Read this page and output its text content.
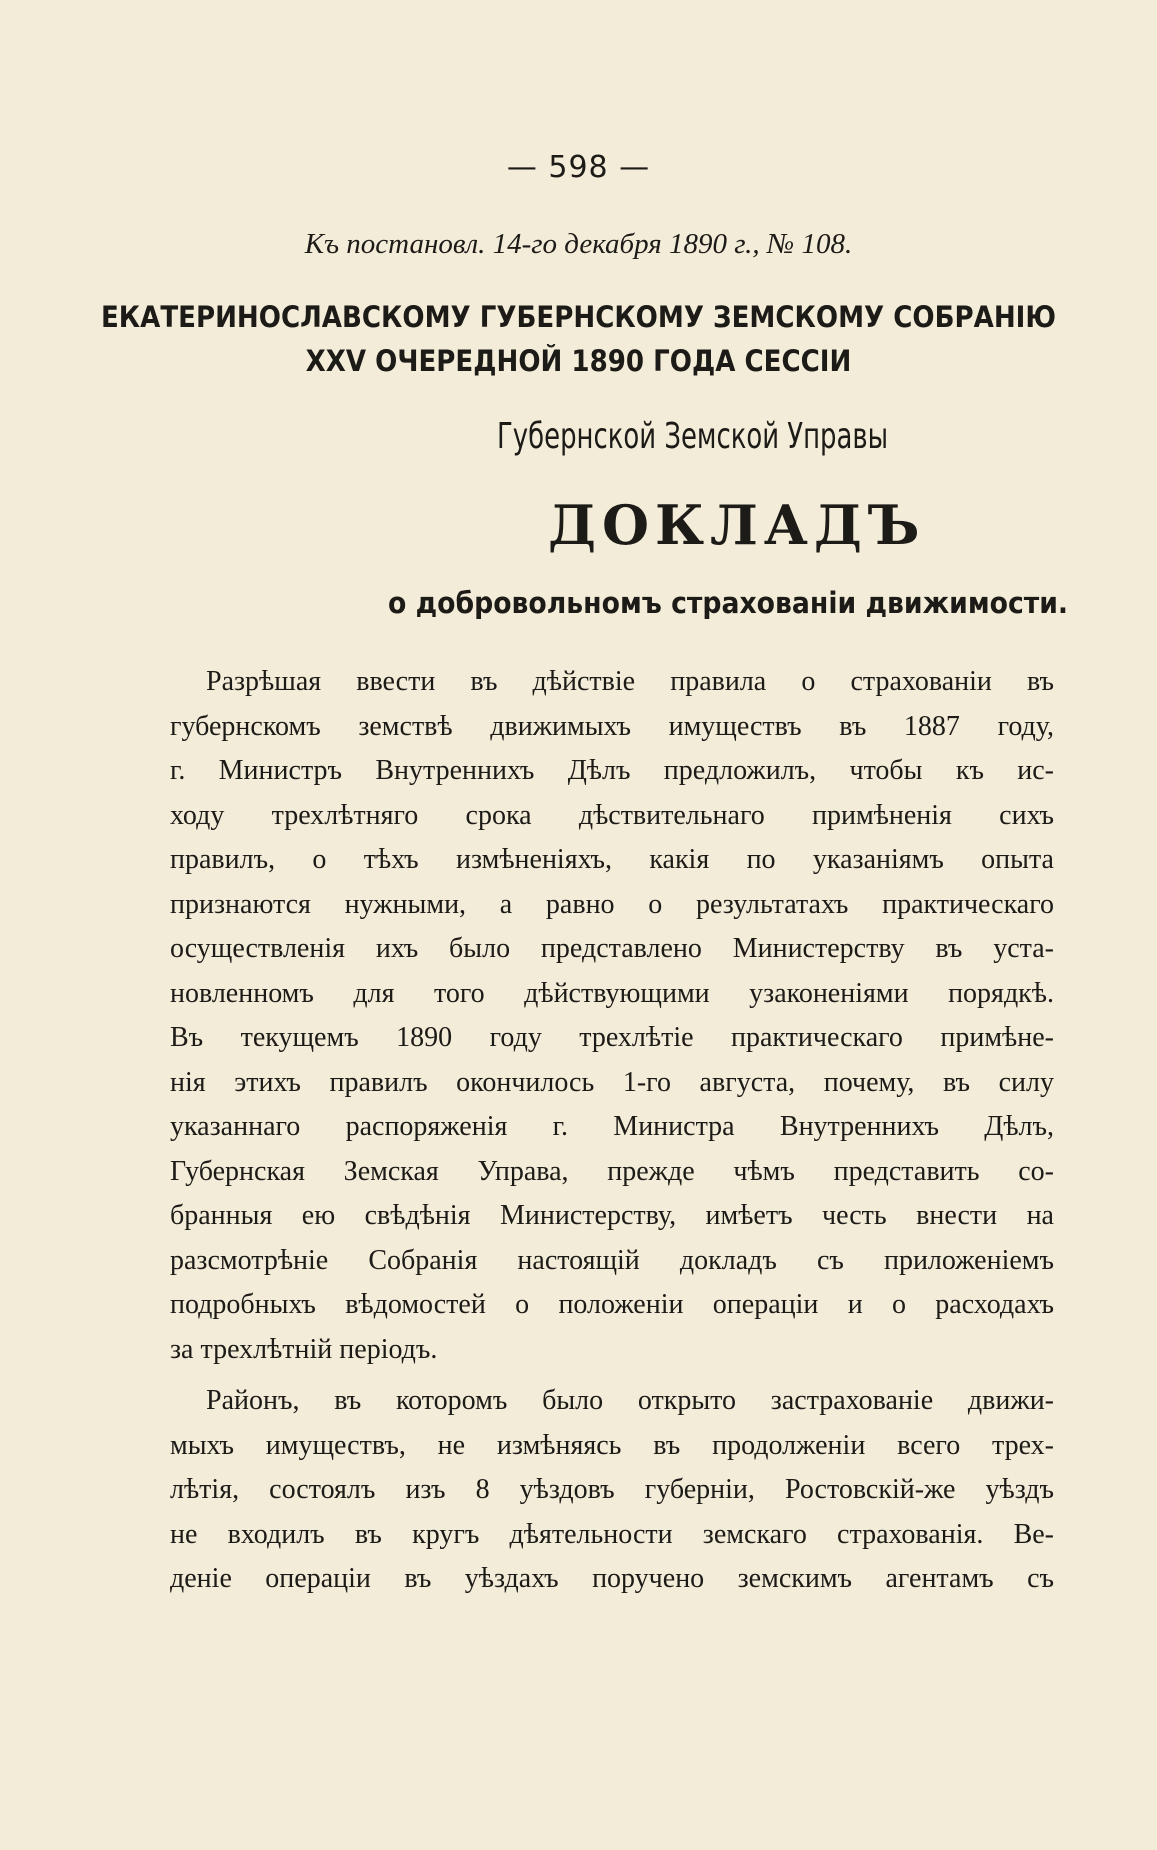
— 598 —
Къ постановл. 14-го декабря 1890 г., № 108.
ЕКАТЕРИНОСЛАВСКОМУ ГУБЕРНСКОМУ ЗЕМСКОМУ СОБРАНІЮ
XXV ОЧЕРЕДНОЙ 1890 ГОДА СЕССІИ
Губернской Земской Управы
ДОКЛАДЪ
о добровольномъ страхованіи движимости.
Разрѣшая ввести въ дѣйствіе правила о страхованіи въ
губернскомъ земствѣ движимыхъ имуществъ въ 1887 году,
г. Министръ Внутреннихъ Дѣлъ предложилъ, чтобы къ ис-
ходу трехлѣтняго срока дѣствительнаго примѣненія сихъ
правилъ, о тѣхъ измѣненіяхъ, какія по указаніямъ опыта
признаются нужными, а равно о результатахъ практическаго
осуществленія ихъ было представлено Министерству въ уста-
новленномъ для того дѣйствующими узаконеніями порядкѣ.
Въ текущемъ 1890 году трехлѣтіе практическаго примѣне-
нія этихъ правилъ окончилось 1-го августа, почему, въ силу
указаннаго распоряженія г. Министра Внутреннихъ Дѣлъ,
Губернская Земская Управа, прежде чѣмъ представить со-
бранныя ею свѣдѣнія Министерству, имѣетъ честь внести на
разсмотрѣніе Собранія настоящій докладъ съ приложеніемъ
подробныхъ вѣдомостей о положеніи операціи и о расходахъ
за трехлѣтній періодъ.
Районъ, въ которомъ было открыто застрахованіе движи-
мыхъ имуществъ, не измѣняясь въ продолженіи всего трех-
лѣтія, состоялъ изъ 8 уѣздовъ губерніи, Ростовскій-же уѣздъ
не входилъ въ кругъ дѣятельности земскаго страхованія. Ве-
деніе операціи въ уѣздахъ поручено земскимъ агентамъ съ
